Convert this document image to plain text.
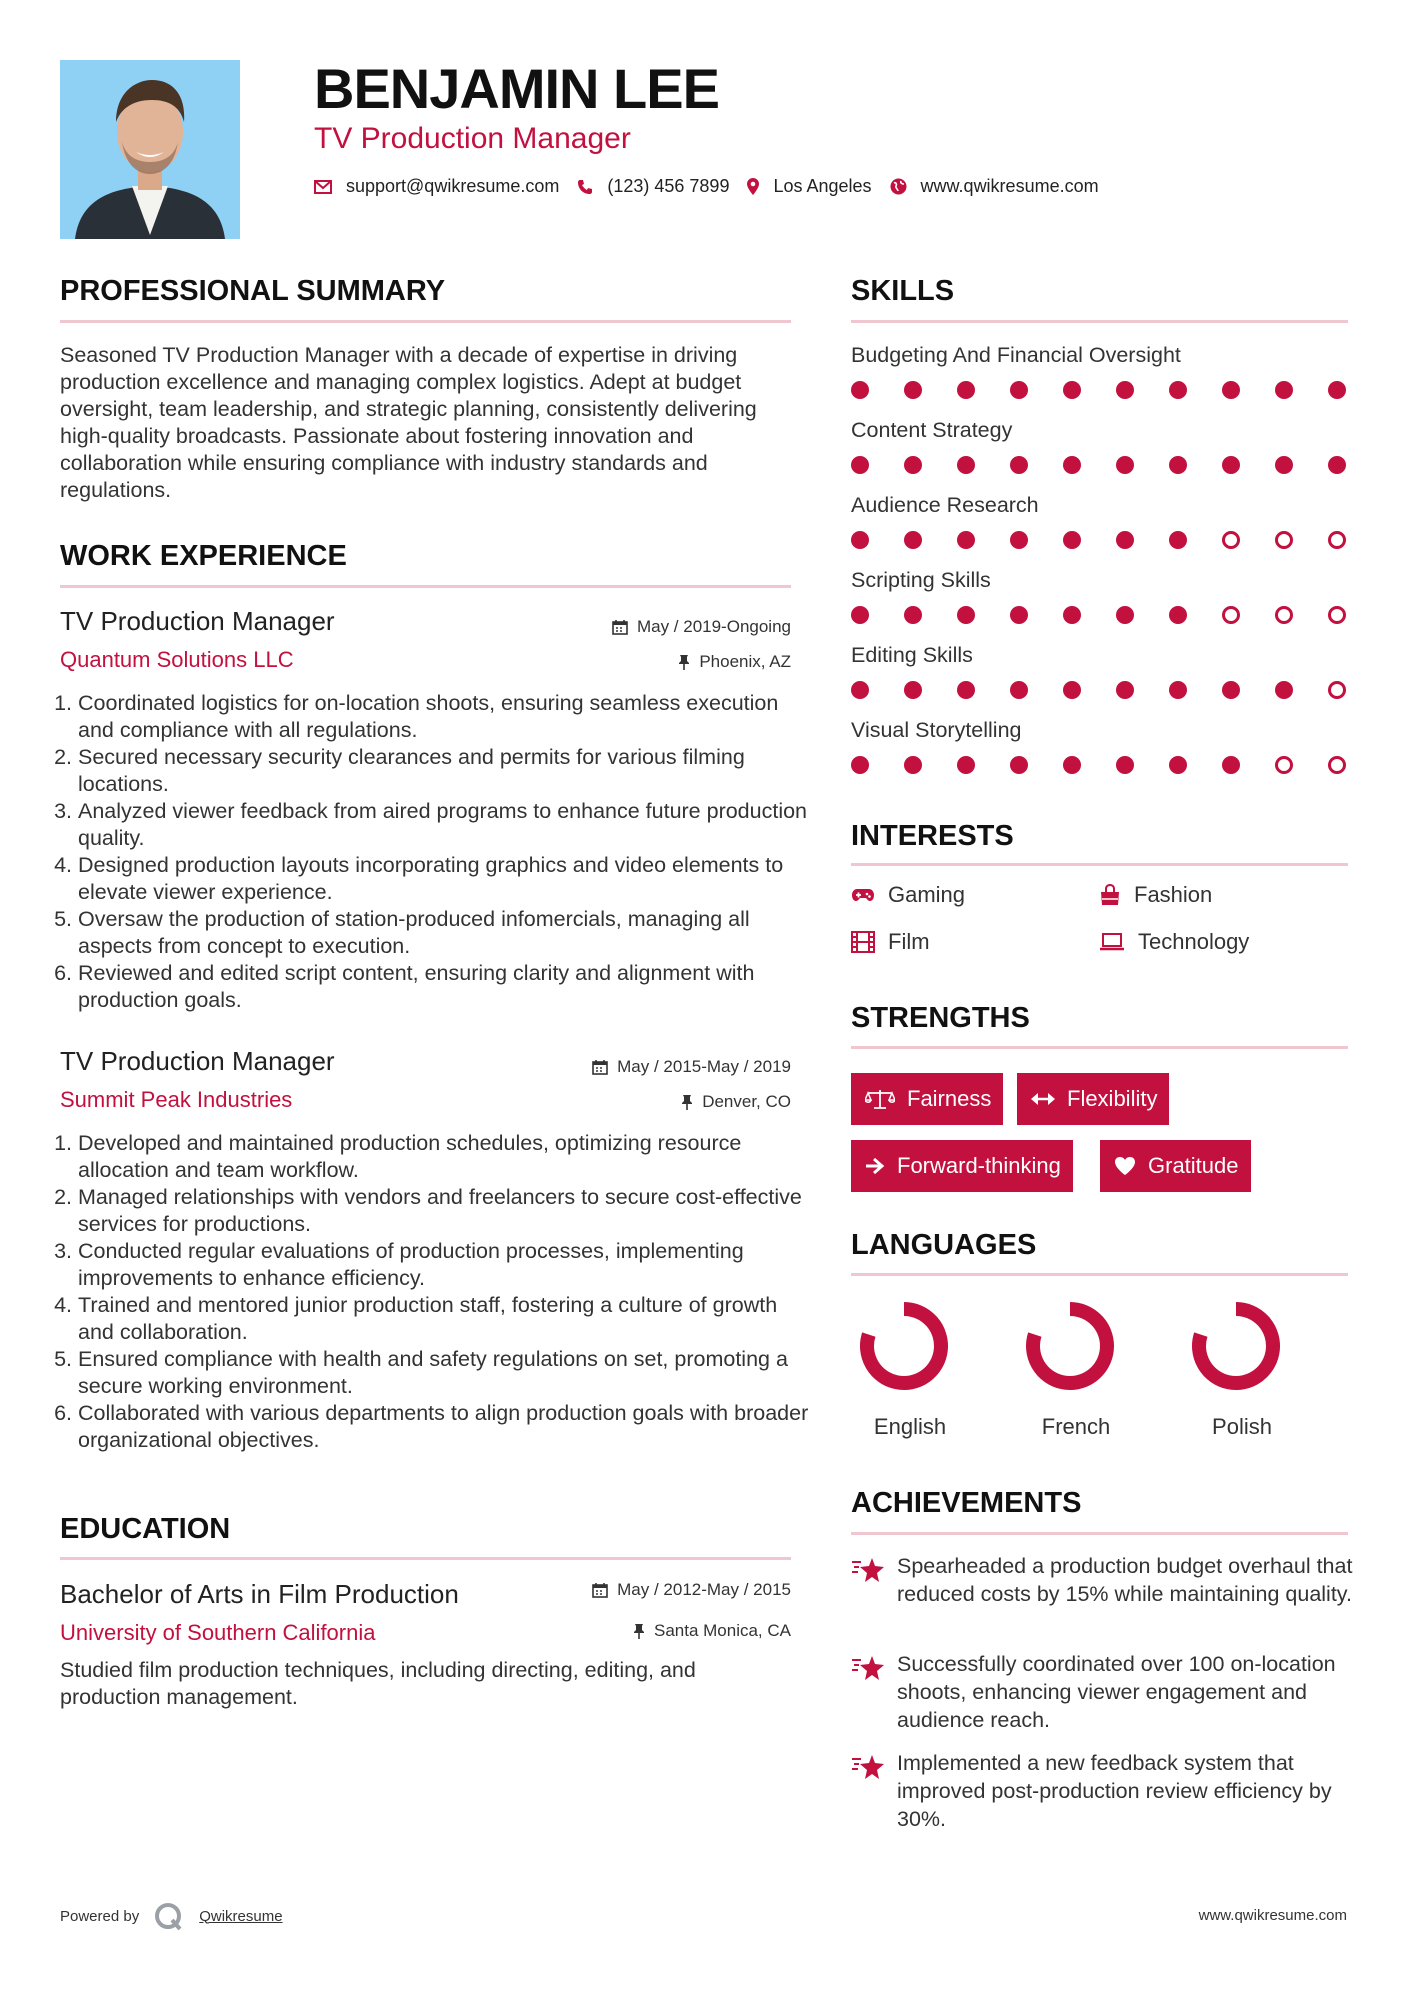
BENJAMIN LEE
TV Production Manager
support@qwikresume.com	(123) 456 7899 Los Angeles	www.qwikresume.com
PROFESSIONAL SUMMARY
Seasoned TV Production Manager with a decade of expertise in driving production excellence and managing complex logistics. Adept at budget oversight, team leadership, and strategic planning, consistently delivering high-quality broadcasts. Passionate about fostering innovation and collaboration while ensuring compliance with industry standards and regulations.
WORK EXPERIENCE
TV Production Manager
Quantum Solutions LLC
May / 2019-Ongoing
Phoenix, AZ
1. Coordinated logistics for on-location shoots, ensuring seamless execution and compliance with all regulations.
2. Secured necessary security clearances and permits for various filming locations.
3. Analyzed viewer feedback from aired programs to enhance future production quality.
4. Designed production layouts incorporating graphics and video elements to elevate viewer experience.
5. Oversaw the production of station-produced infomercials, managing all aspects from concept to execution.
6. Reviewed and edited script content, ensuring clarity and alignment with production goals.
TV Production Manager
Summit Peak Industries
May / 2015-May / 2019
Denver, CO
1. Developed and maintained production schedules, optimizing resource allocation and team workflow.
2. Managed relationships with vendors and freelancers to secure cost-effective services for productions.
3. Conducted regular evaluations of production processes, implementing improvements to enhance efficiency.
4. Trained and mentored junior production staff, fostering a culture of growth and collaboration.
5. Ensured compliance with health and safety regulations on set, promoting a secure working environment.
6. Collaborated with various departments to align production goals with broader organizational objectives.
EDUCATION
Bachelor of Arts in Film Production
University of Southern California
May / 2012-May / 2015
Santa Monica, CA
Studied film production techniques, including directing, editing, and production management.
SKILLS
Budgeting And Financial Oversight
Content Strategy
Audience Research
Scripting Skills
Editing Skills
Visual Storytelling
INTERESTS
Gaming	Fashion
Film	Technology
STRENGTHS
Fairness	Flexibility
Forward-thinking	Gratitude
LANGUAGES
English	French	Polish
ACHIEVEMENTS
Spearheaded a production budget overhaul that reduced costs by 15% while maintaining quality.
Successfully coordinated over 100 on-location shoots, enhancing viewer engagement and audience reach.
Implemented a new feedback system that improved post-production review efficiency by 30%.
Powered by	Qwikresume	www.qwikresume.com
